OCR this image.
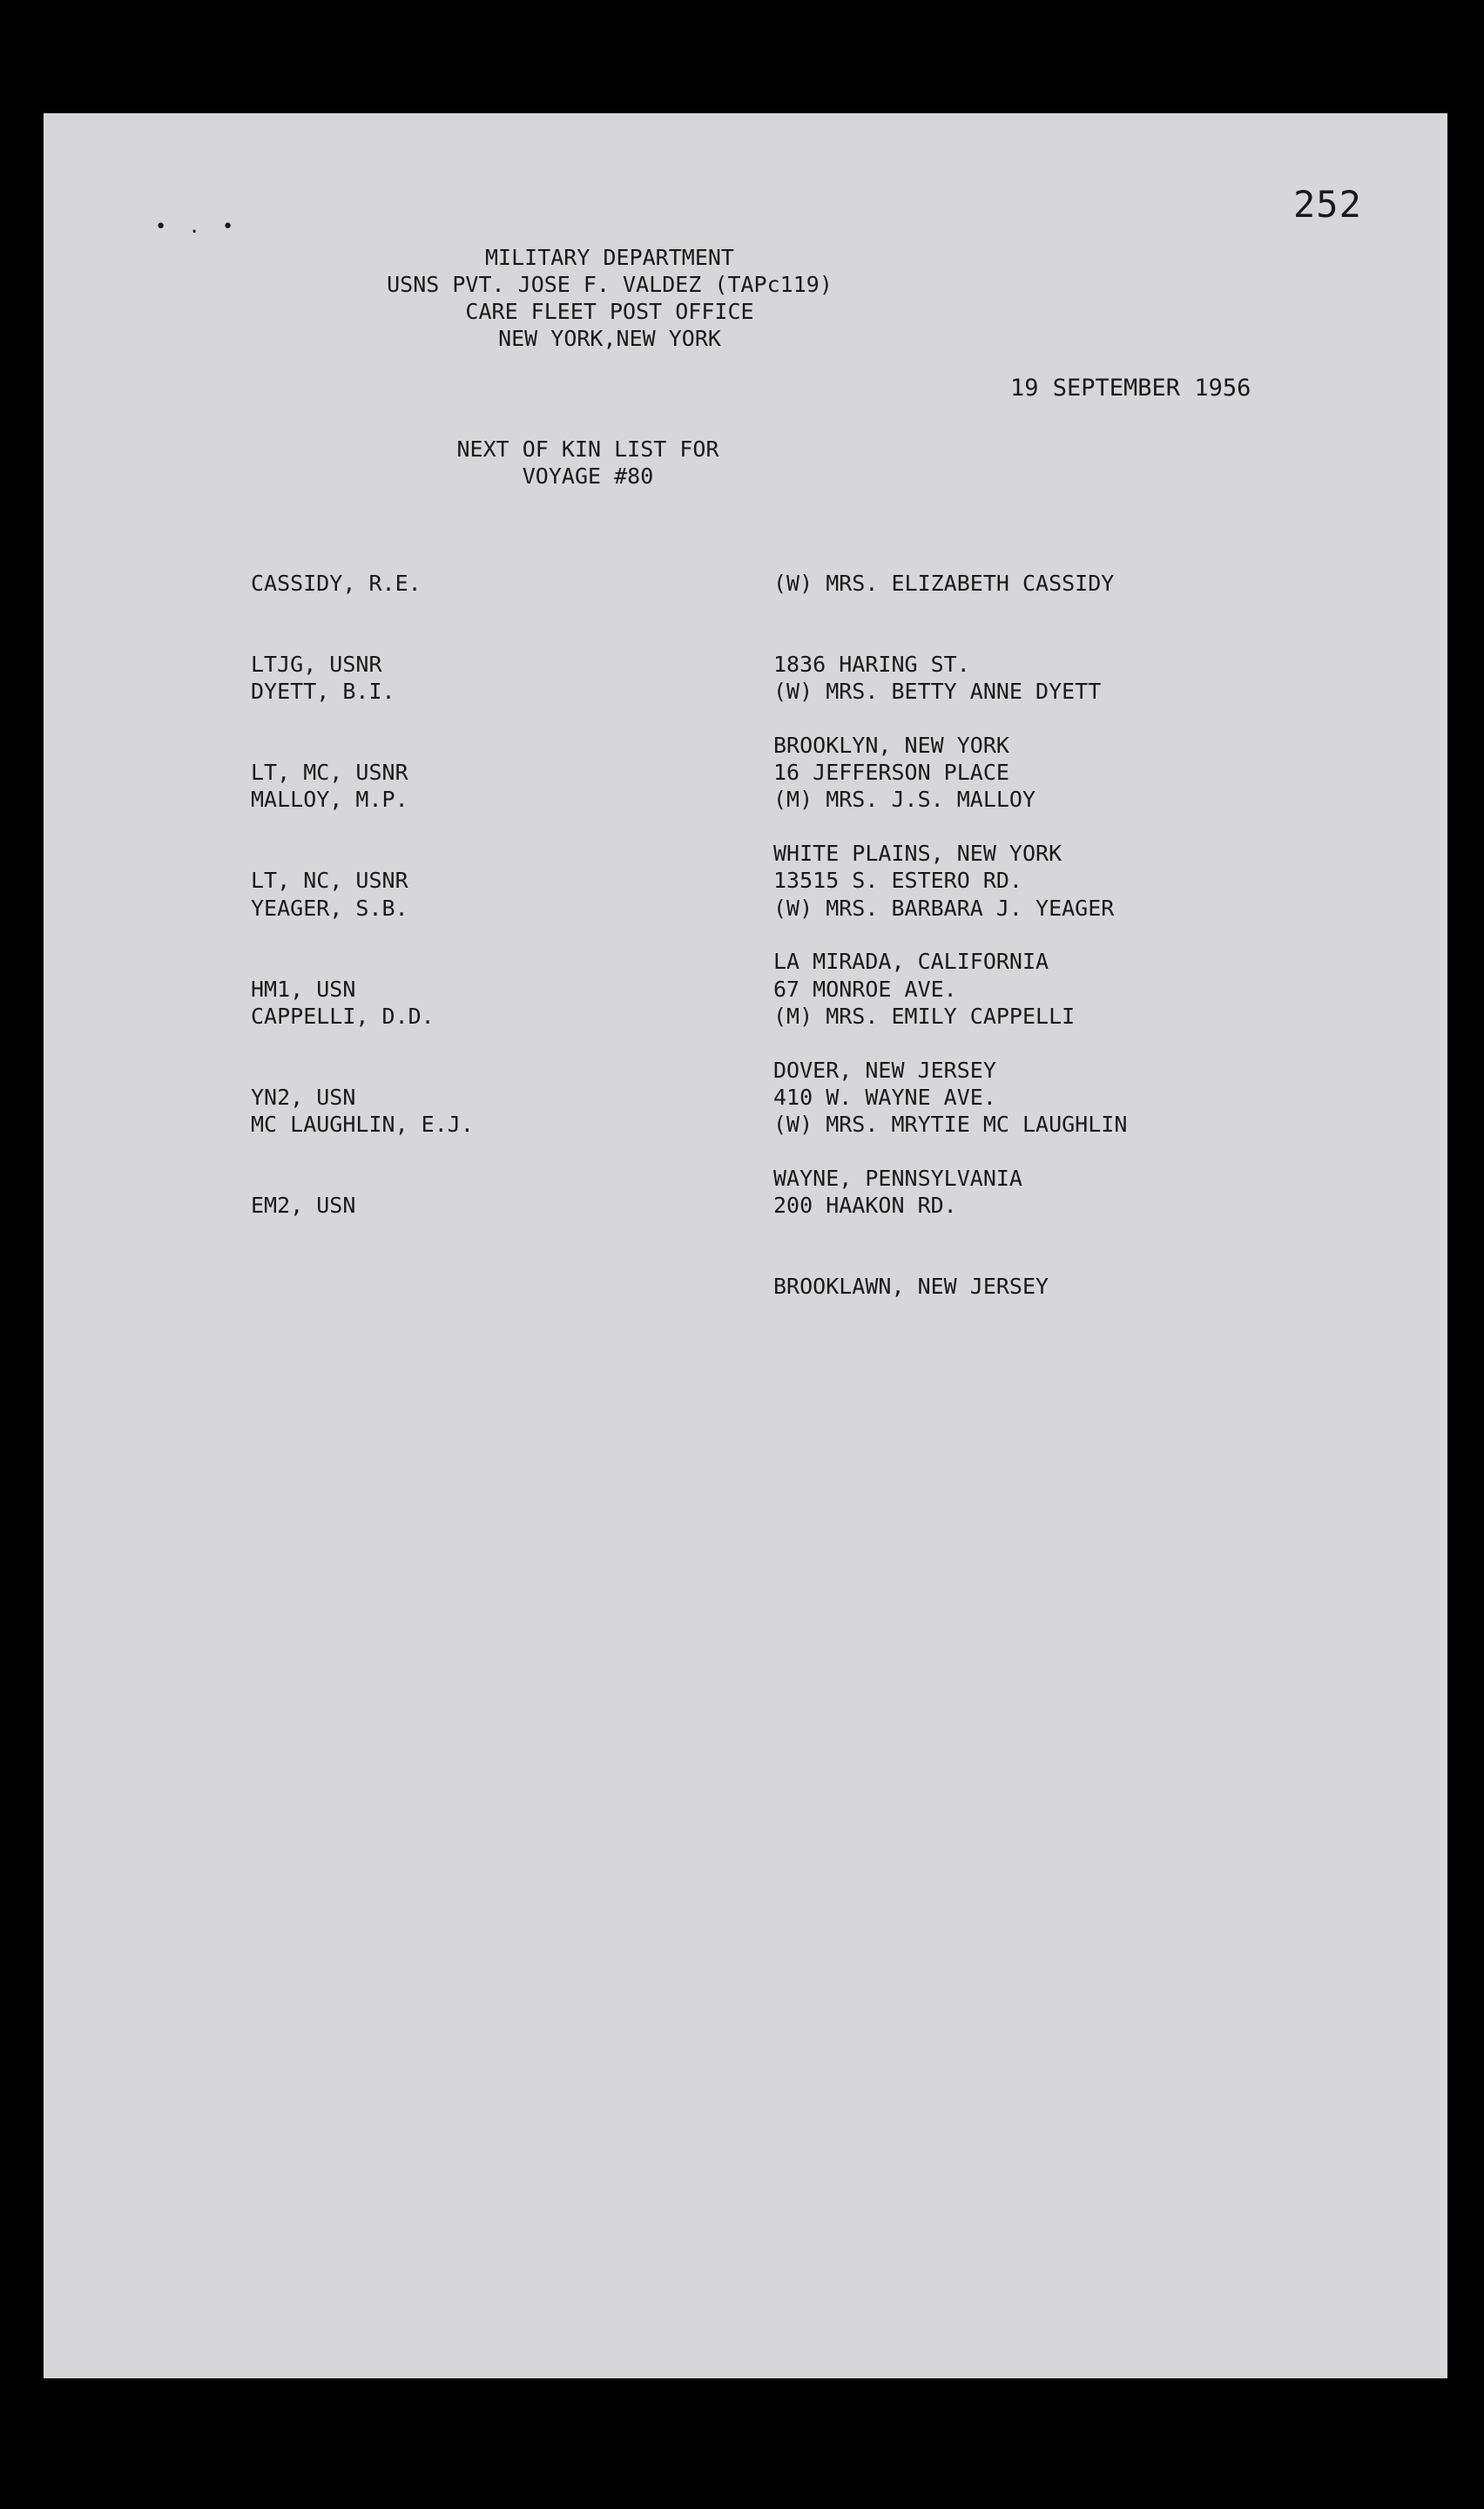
• . •
252
MILITARY DEPARTMENT
USNS PVT. JOSE F. VALDEZ (TAPc119)
CARE FLEET POST OFFICE
NEW YORK,NEW YORK
19 SEPTEMBER 1956
NEXT OF KIN LIST FOR
VOYAGE #80

CASSIDY, R.E.

LTJG, USNR

(W) MRS. ELIZABETH CASSIDY

1836 HARING ST.

BROOKLYN, NEW YORK

DYETT, B.I.

LT, MC, USNR

(W) MRS. BETTY ANNE DYETT

16 JEFFERSON PLACE

WHITE PLAINS, NEW YORK

MALLOY, M.P.

LT, NC, USNR

(M) MRS. J.S. MALLOY

13515 S. ESTERO RD.

LA MIRADA, CALIFORNIA

YEAGER, S.B.

HM1, USN

(W) MRS. BARBARA J. YEAGER

67 MONROE AVE.

DOVER, NEW JERSEY

CAPPELLI, D.D.

YN2, USN

(M) MRS. EMILY CAPPELLI

410 W. WAYNE AVE.

WAYNE, PENNSYLVANIA

MC LAUGHLIN, E.J.

EM2, USN

(W) MRS. MRYTIE MC LAUGHLIN

200 HAAKON RD.

BROOKLAWN, NEW JERSEY
